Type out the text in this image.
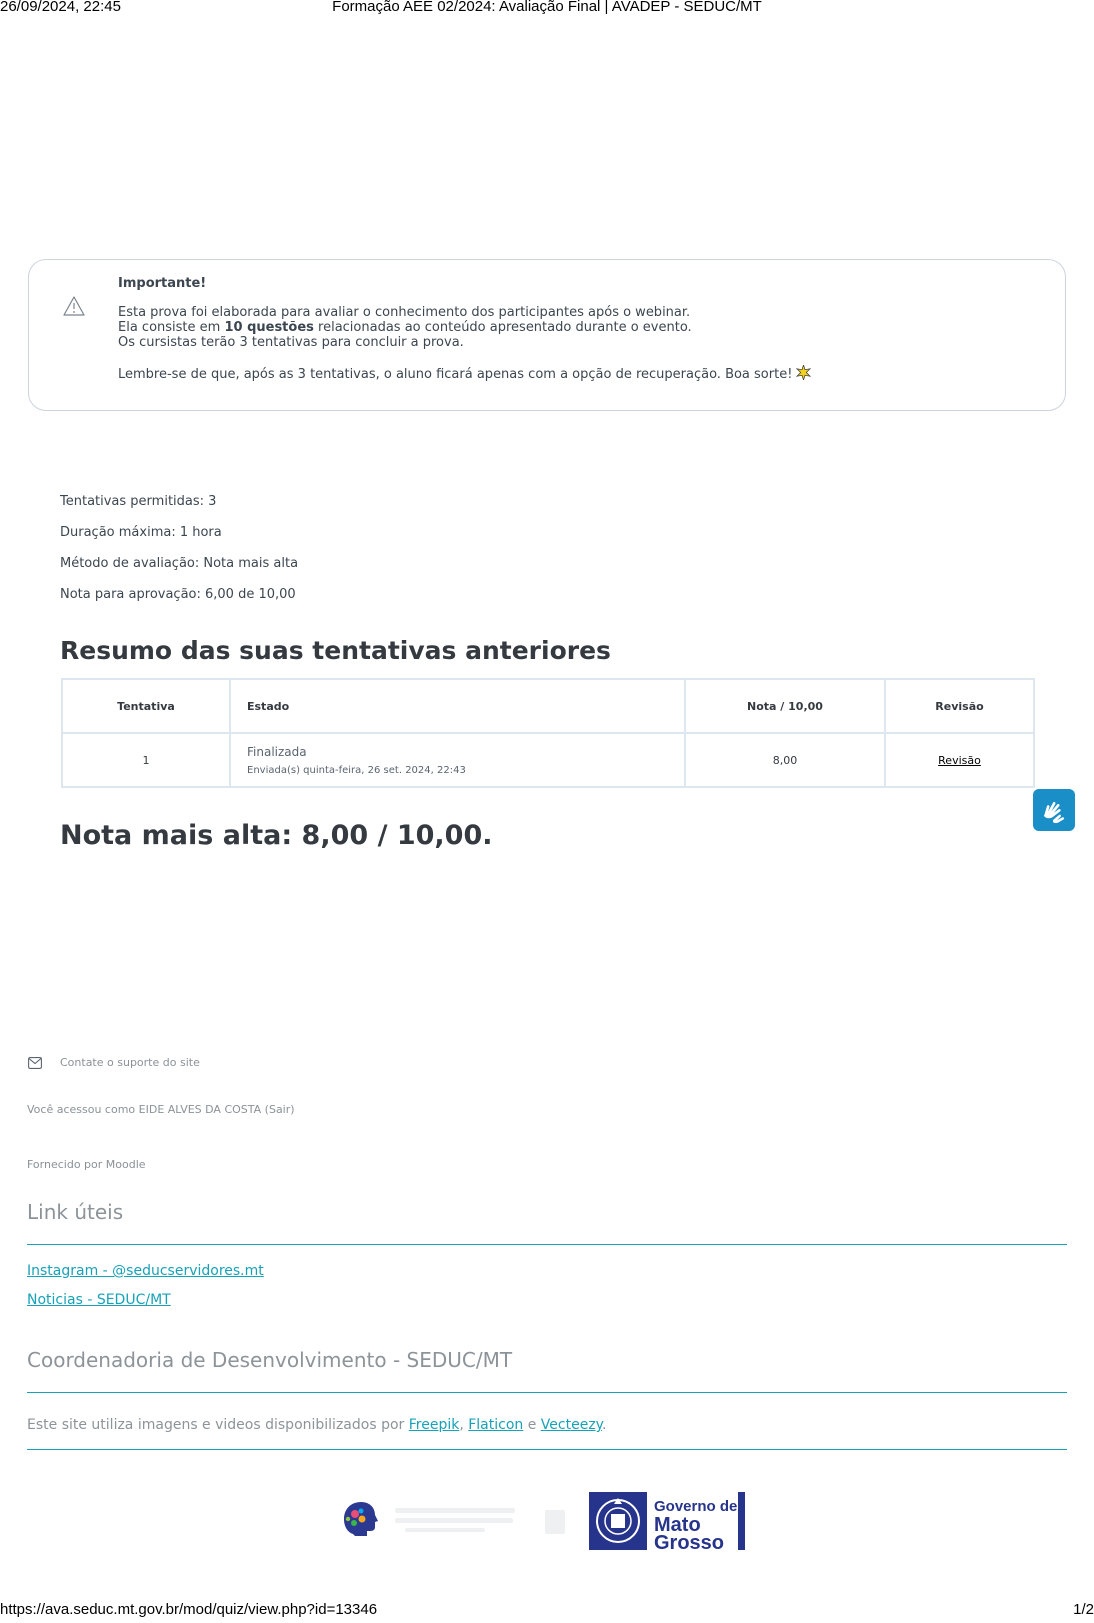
26/09/2024, 22:45	Formação AEE 02/2024: Avaliação Final | AVADEP - SEDUC/MT
Importante!

Esta prova foi elaborada para avaliar o conhecimento dos participantes após o webinar.

Ela consiste em 10 questões relacionadas ao conteúdo apresentado durante o evento.

Os cursistas terão 3 tentativas para concluir a prova.

Lembre-se de que, após as 3 tentativas, o aluno ficará apenas com a opção de recuperação. Boa sorte!

Tentativas permitidas: 3
Duração máxima: 1 hora
Método de avaliação: Nota mais alta
Nota para aprovação: 6,00 de 10,00
Resumo das suas tentativas anteriores
Tentativa	Estado	Nota / 10,00	Revisão
1	Finalizada
Enviada(s) quinta-feira, 26 set. 2024, 22:43	8,00	Revisão
Nota mais alta: 8,00 / 10,00.
Contate o suporte do site
Você acessou como EIDE ALVES DA COSTA (Sair)
Fornecido por Moodle
Link úteis
Instagram - @seducservidores.mt
Noticias - SEDUC/MT
Coordenadoria de Desenvolvimento - SEDUC/MT
Este site utiliza imagens e videos disponibilizados por Freepik, Flaticon e Vecteezy.
Governo de
Mato
Grosso
https://ava.seduc.mt.gov.br/mod/quiz/view.php?id=13346	1/2
